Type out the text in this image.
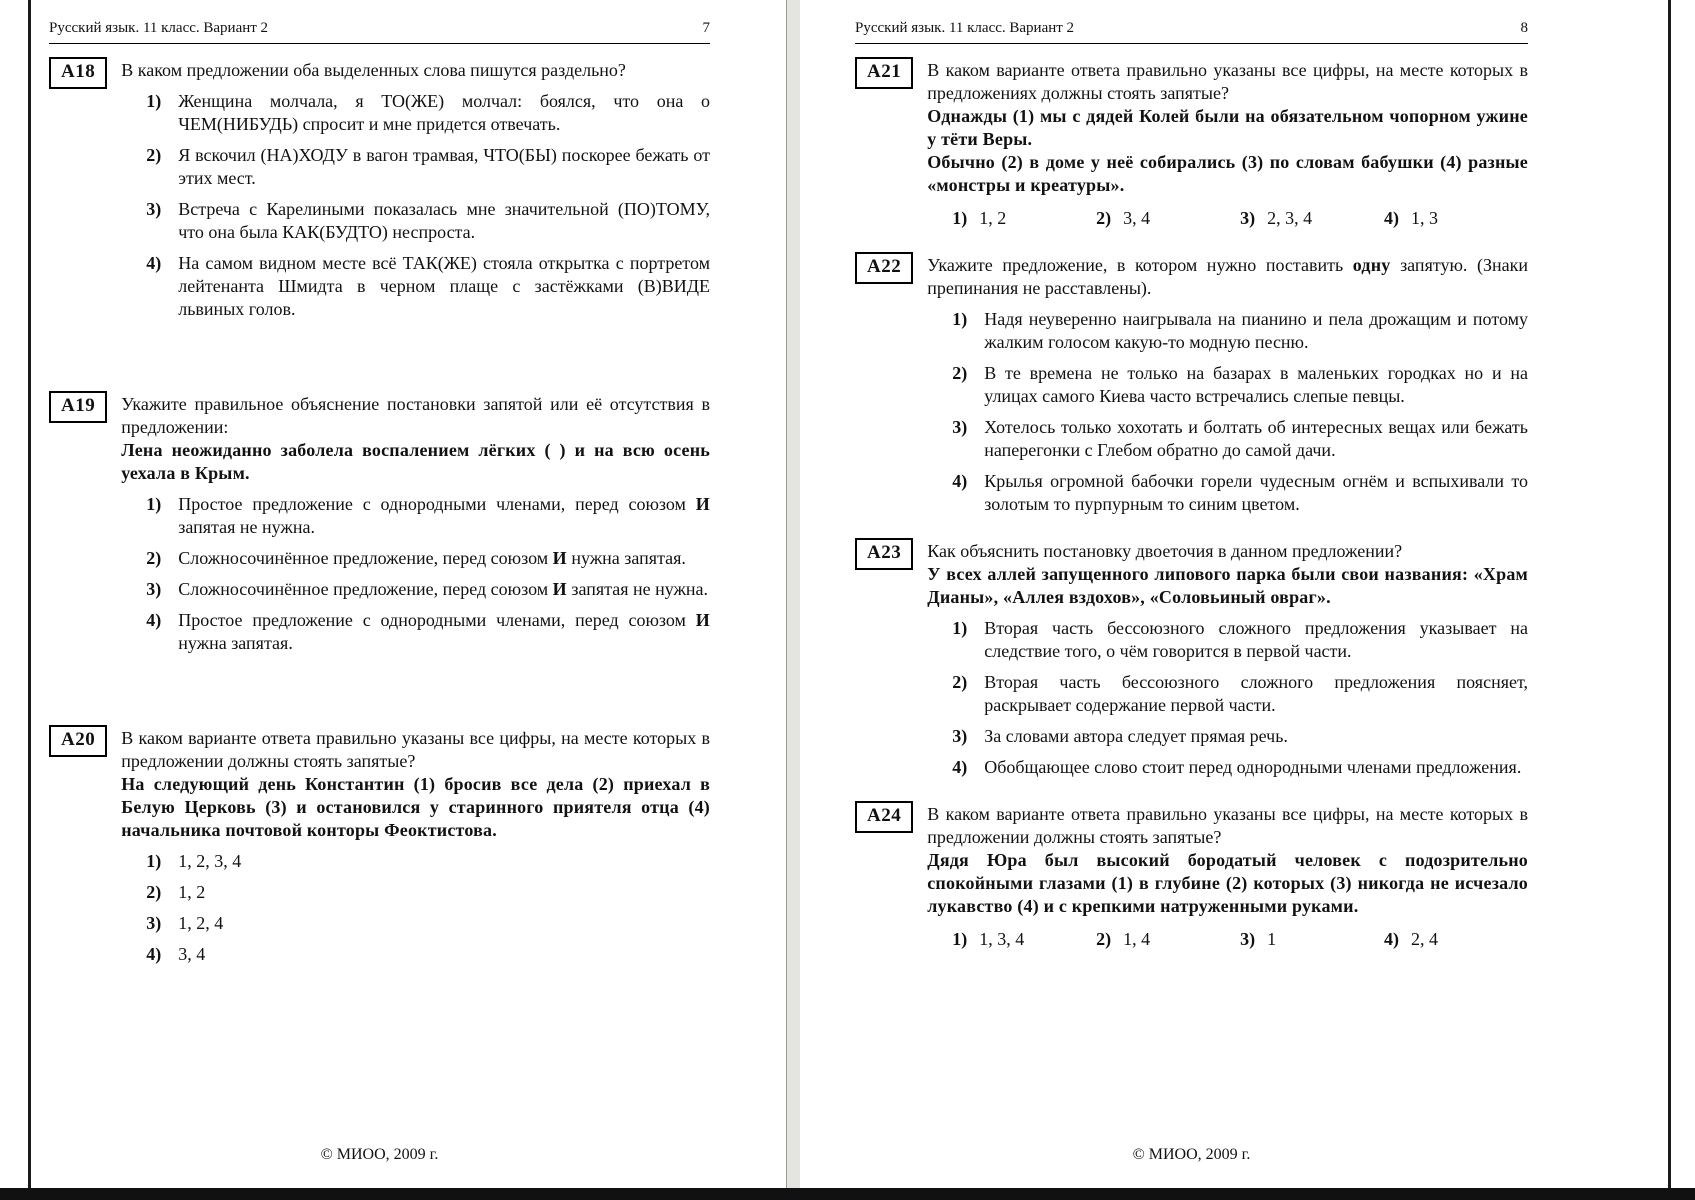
Русский язык. 11 класс. Вариант 2	7
А18	В каком предложении оба выделенных слова пишутся раздельно?

1) Женщина молчала, я ТО(ЖЕ) молчал: боялся, что она о ЧЕМ(НИБУДЬ) спросит и мне придется отвечать.
2) Я вскочил (НА)ХОДУ в вагон трамвая, ЧТО(БЫ) поскорее бежать от этих мест.
3) Встреча с Карелиными показалась мне значительной (ПО)ТОМУ, что она была КАК(БУДТО) неспроста.
4) На самом видном месте всё ТАК(ЖЕ) стояла открытка с портретом лейтенанта Шмидта в черном плаще с застёжками (В)ВИДЕ львиных голов.
А19	Укажите правильное объяснение постановки запятой или её отсутствия в предложении:

Лена неожиданно заболела воспалением лёгких ( ) и на всю осень уехала в Крым.

1) Простое предложение с однородными членами, перед союзом И запятая не нужна.
2) Сложносочинённое предложение, перед союзом И нужна запятая.
3) Сложносочинённое предложение, перед союзом И запятая не нужна.
4) Простое предложение с однородными членами, перед союзом И нужна запятая.
А20	В каком варианте ответа правильно указаны все цифры, на месте которых в предложении должны стоять запятые?

На следующий день Константин (1) бросив все дела (2) приехал в Белую Церковь (3) и остановился у старинного приятеля отца (4) начальника почтовой конторы Феоктистова.

1) 1, 2, 3, 4
2) 1, 2
3) 1, 2, 4
4) 3, 4
© МИОО, 2009 г.
Русский язык. 11 класс. Вариант 2	8
А21	В каком варианте ответа правильно указаны все цифры, на месте которых в предложениях должны стоять запятые?

Однажды (1) мы с дядей Колей были на обязательном чопорном ужине у тёти Веры.

Обычно (2) в доме у неё собирались (3) по словам бабушки (4) разные «монстры и креатуры».

1) 1, 2	2) 3, 4	3) 2, 3, 4	4) 1, 3
А22	Укажите предложение, в котором нужно поставить одну запятую. (Знаки препинания не расставлены).

1) Надя неуверенно наигрывала на пианино и пела дрожащим и потому жалким голосом какую-то модную песню.
2) В те времена не только на базарах в маленьких городках но и на улицах самого Киева часто встречались слепые певцы.
3) Хотелось только хохотать и болтать об интересных вещах или бежать наперегонки с Глебом обратно до самой дачи.
4) Крылья огромной бабочки горели чудесным огнём и вспыхивали то золотым то пурпурным то синим цветом.
А23	Как объяснить постановку двоеточия в данном предложении?

У всех аллей запущенного липового парка были свои названия: «Храм Дианы», «Аллея вздохов», «Соловьиный овраг».

1) Вторая часть бессоюзного сложного предложения указывает на следствие того, о чём говорится в первой части.
2) Вторая часть бессоюзного сложного предложения поясняет, раскрывает содержание первой части.
3) За словами автора следует прямая речь.
4) Обобщающее слово стоит перед однородными членами предложения.
А24	В каком варианте ответа правильно указаны все цифры, на месте которых в предложении должны стоять запятые?

Дядя Юра был высокий бородатый человек с подозрительно спокойными глазами (1) в глубине (2) которых (3) никогда не исчезало лукавство (4) и с крепкими натруженными руками.

1) 1, 3, 4	2) 1, 4	3) 1	4) 2, 4
© МИОО, 2009 г.
